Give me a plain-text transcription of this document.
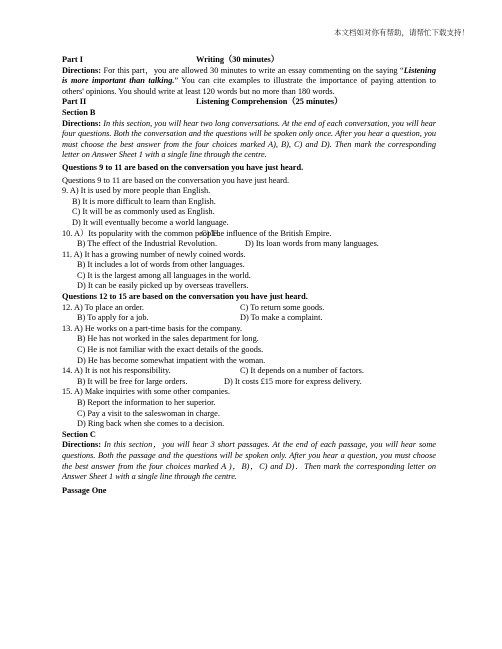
本文档如对你有帮助，请帮忙下载支持！
Part I	Writing（30 minutes）
Directions: For this part，you are allowed 30 minutes to write an essay commenting on the saying “Listening is more important than talking.” You can cite examples to illustrate the importance of paying attention to others' opinions. You should write at least 120 words but no more than 180 words.
Part II	Listening Comprehension（25 minutes）
Section B
Directions: In this section, you will hear two long conversations. At the end of each conversation, you will hear four questions. Both the conversation and the questions will be spoken only once. After you hear a question, you must choose the best answer from the four choices marked A), B), C) and D). Then mark the corresponding letter on Answer Sheet 1 with a single line through the centre.
Questions 9 to 11 are based on the conversation you have just heard.
Questions 9 to 11 are based on the conversation you have just heard.
9. A) It is used by more people than English.
B) It is more difficult to learn than English.
C) It will be as commonly used as English.
D) It will eventually become a world language.
10. A）Its popularity with the common people. C) The influence of the British Empire.
B) The effect of the Industrial Revolution.	D) Its loan words from many languages.
11. A) It has a growing number of newly coined words.
B) It includes a lot of words from other languages.
C) It is the largest among all languages in the world.
D) It can be easily picked up by overseas travellers.
Questions 12 to 15 are based on the conversation you have just heard.
12. A) To place an order.	C) To return some goods.
B) To apply for a job.	D) To make a complaint.
13. A) He works on a part-time basis for the company.
B) He has not worked in the sales department for long.
C) He is not familiar with the exact details of the goods.
D) He has become somewhat impatient with the woman.
14. A) It is not his responsibility.	C) It depends on a number of factors.
B) It will be free for large orders.	D) It costs £15 more for express delivery.
15. A) Make inquiries with some other companies.
B) Report the information to her superior.
C) Pay a visit to the saleswoman in charge.
D) Ring back when she comes to a decision.
Section C
Directions: In this section，you will hear 3 short passages. At the end of each passage, you will hear some questions. Both the passage and the questions will be spoken only. After you hear a question, you must choose the best answer from the four choices marked A )，B)，C) and D)．Then mark the corresponding letter on Answer Sheet 1 with a single line through the centre.
Passage One
